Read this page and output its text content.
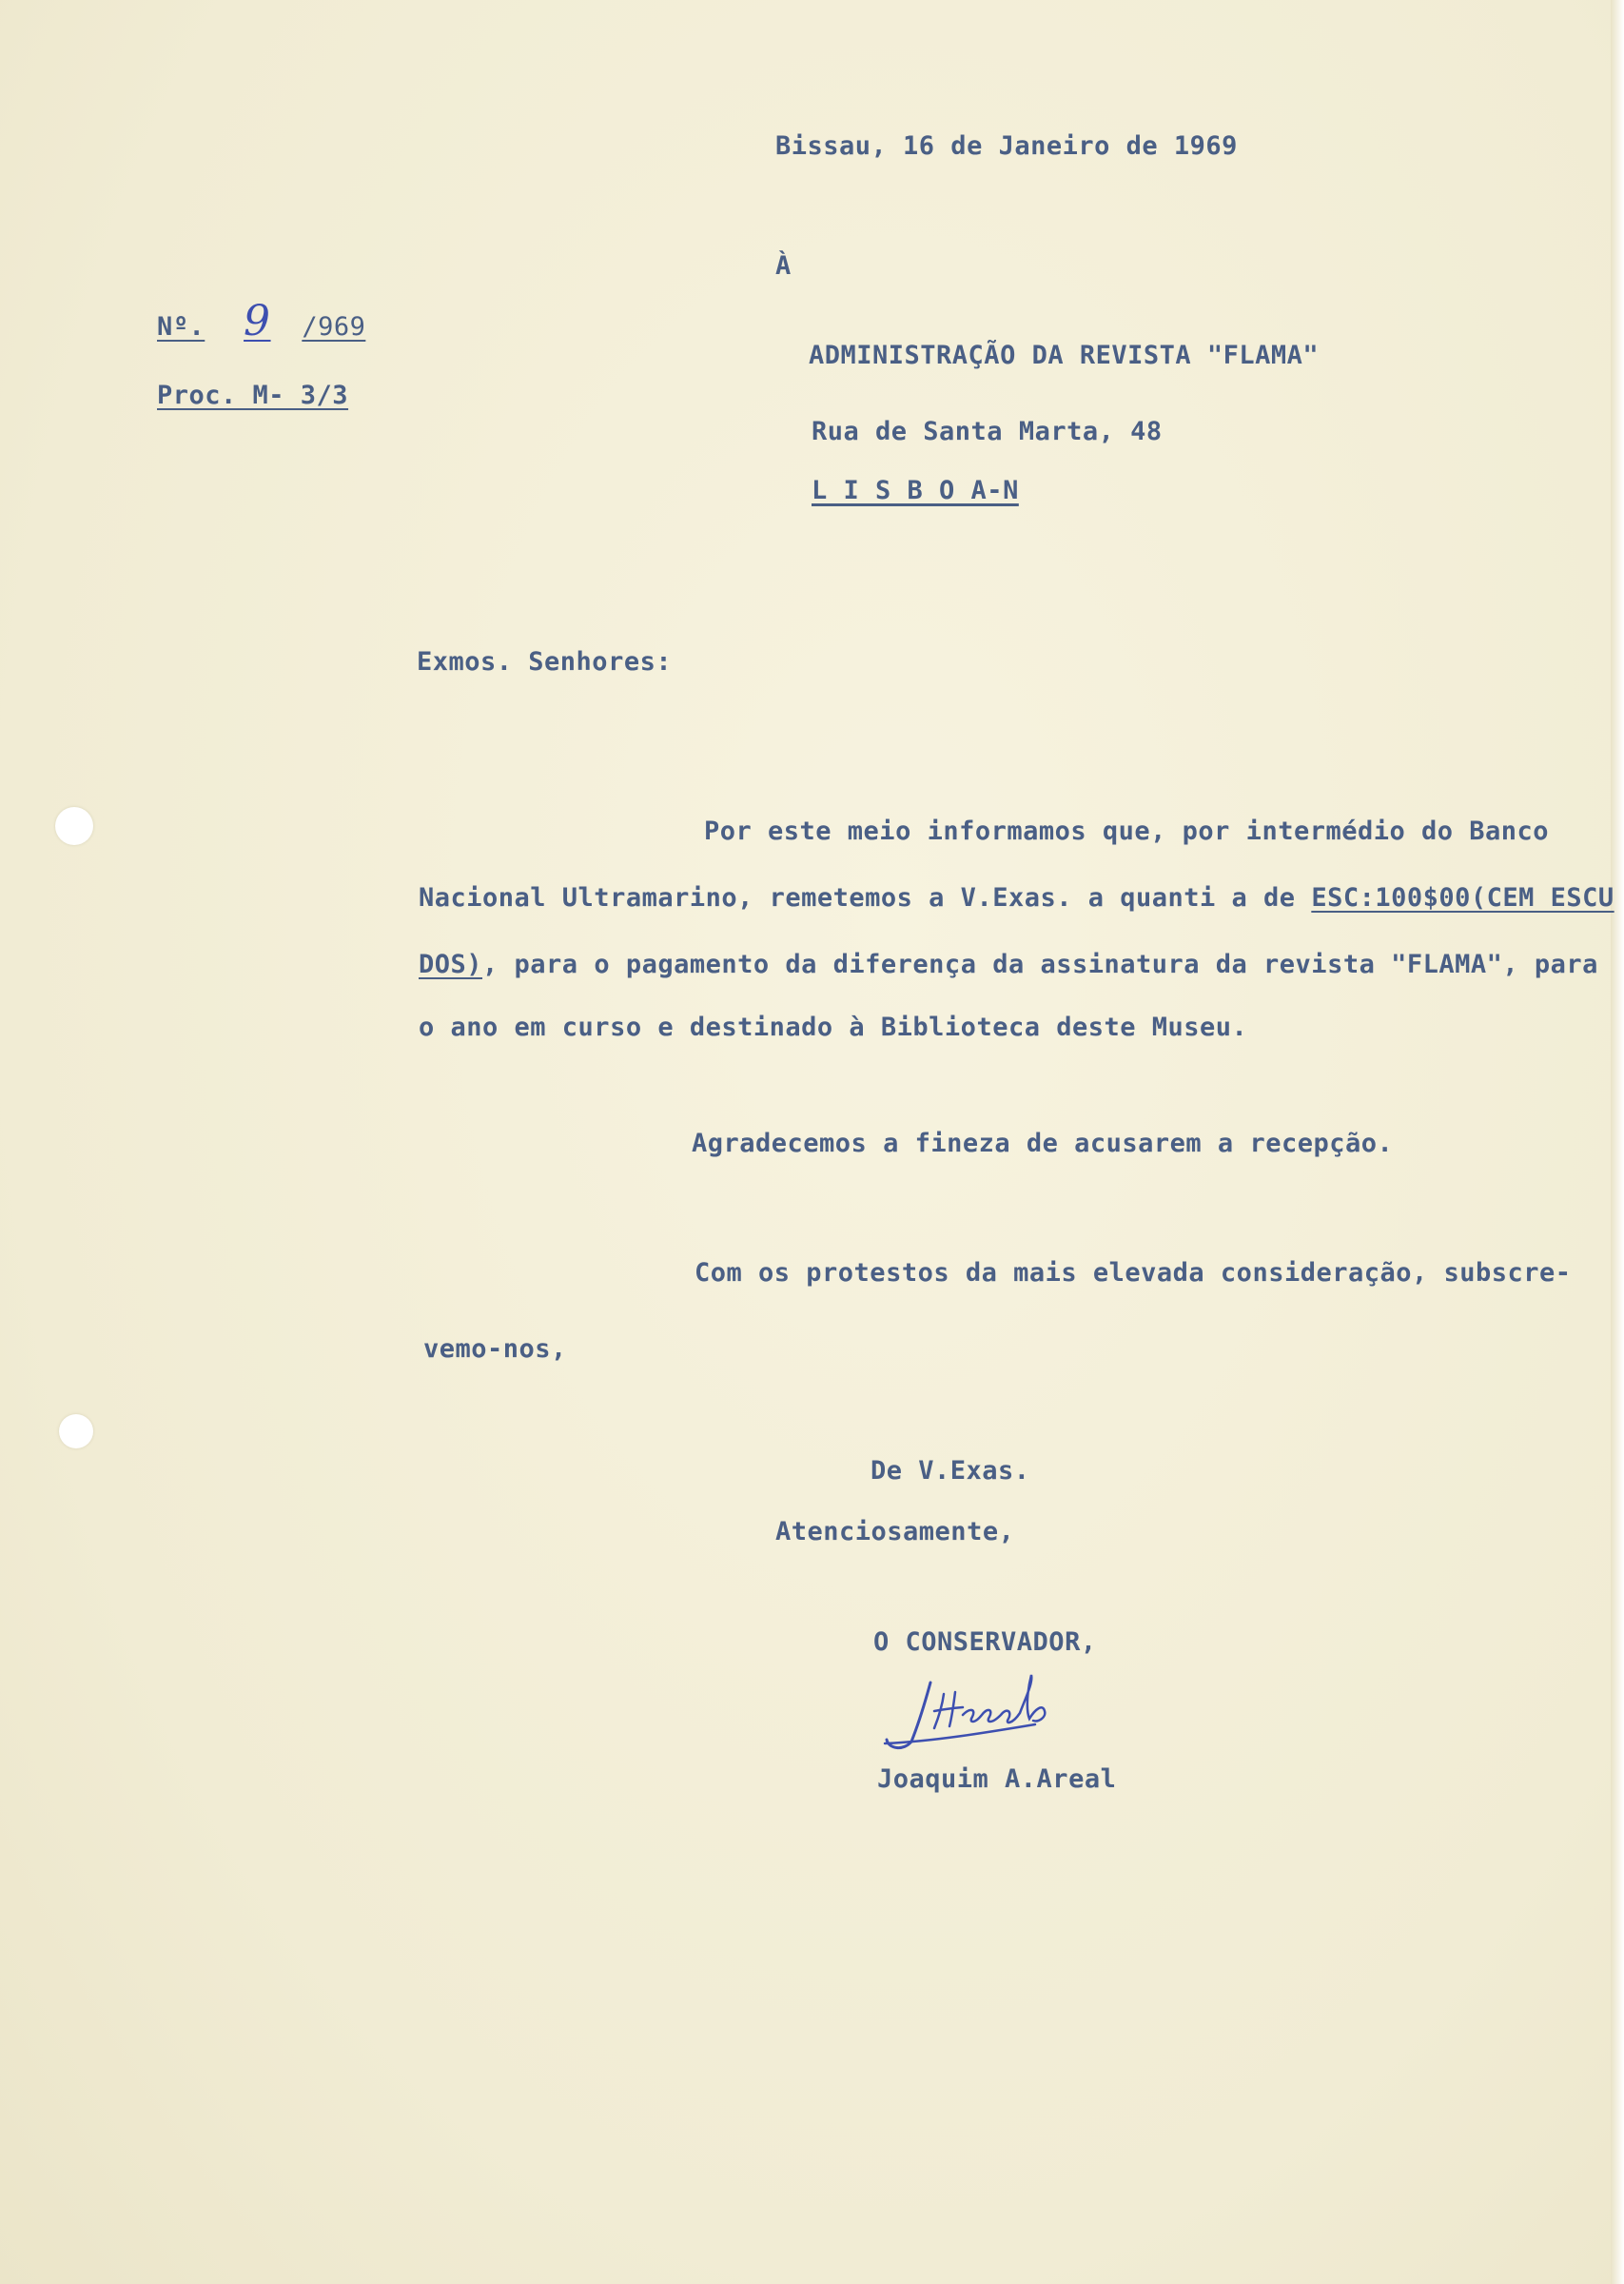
Bissau, 16 de Janeiro de 1969
À
Nº. 9 /969
Proc. M- 3/3
ADMINISTRAÇÃO DA REVISTA "FLAMA"
Rua de Santa Marta, 48
L I S B O A-N
Exmos. Senhores:
Por este meio informamos que, por intermédio do Banco
Nacional Ultramarino, remetemos a V.Exas. a quanti a de ESC:100$00(CEM ESCU
DOS), para o pagamento da diferença da assinatura da revista "FLAMA", para
o ano em curso e destinado à Biblioteca deste Museu.
Agradecemos a fineza de acusarem a recepção.
Com os protestos da mais elevada consideração, subscre-
vemo-nos,
De V.Exas.
Atenciosamente,
O CONSERVADOR,
Joaquim A.Areal
